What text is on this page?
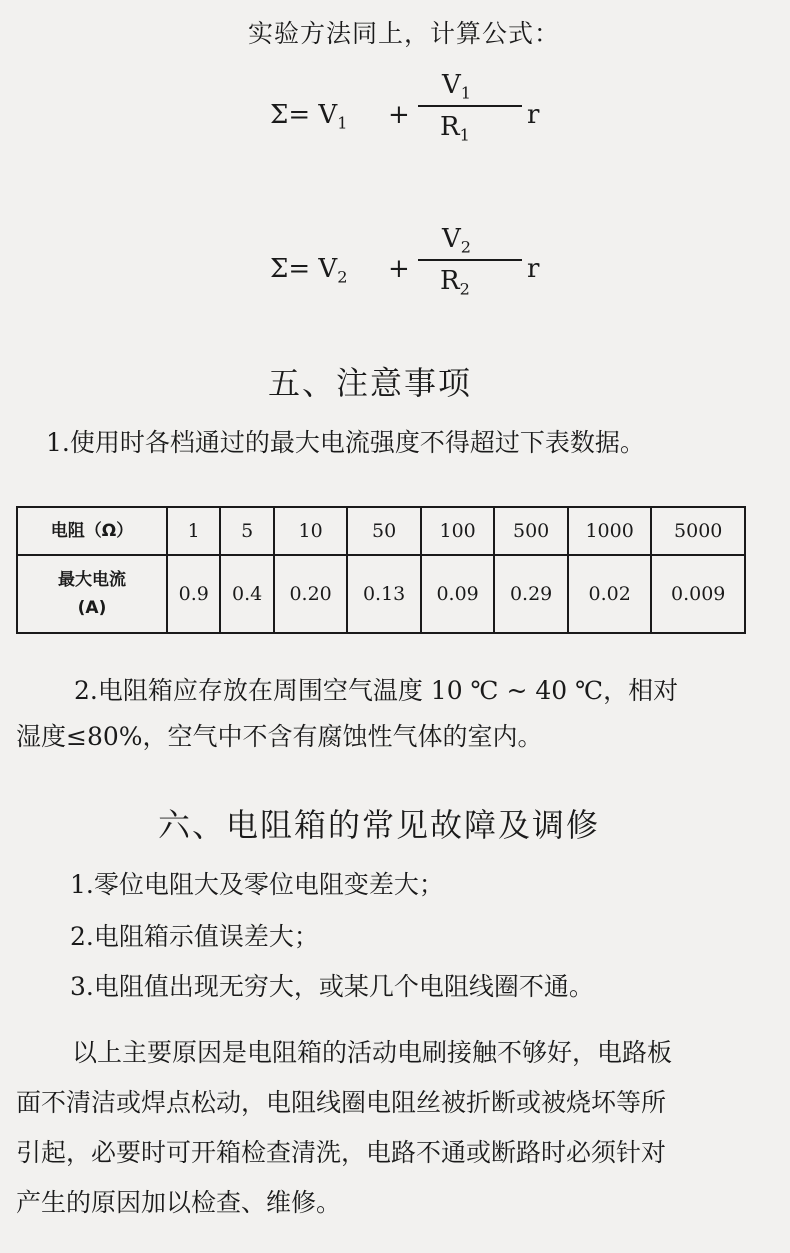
实验方法同上，计算公式：
$\Sigma= V_1$ +
$V_1$
$R_1$
r
$\Sigma= V_2$ +
$V_2$
$R_2$
r
五、注意事项
1.使用时各档通过的最大电流强度不得超过下表数据。
电阻（Ω）	1	5	10	50	100	500	1000	5000

最大电流
(A)	0.9	0.4	0.20	0.13	0.09	0.29	0.02	0.009
2.电阻箱应存放在周围空气温度 10 ℃ ~ 40 ℃，相对
湿度≤80%，空气中不含有腐蚀性气体的室内。
六、电阻箱的常见故障及调修
1.零位电阻大及零位电阻变差大；
2.电阻箱示值误差大；
3.电阻值出现无穷大，或某几个电阻线圈不通。
以上主要原因是电阻箱的活动电刷接触不够好，电路板
面不清洁或焊点松动，电阻线圈电阻丝被折断或被烧坏等所
引起，必要时可开箱检查清洗，电路不通或断路时必须针对
产生的原因加以检查、维修。
